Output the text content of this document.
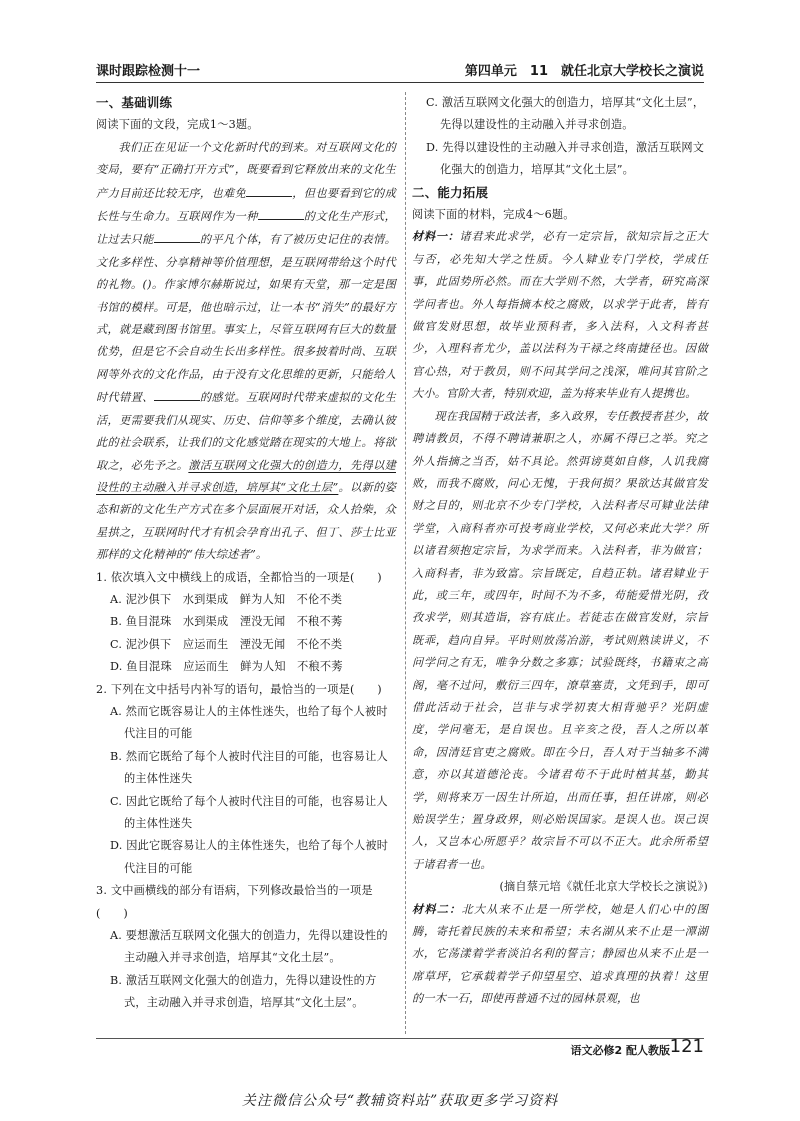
课时跟踪检测十一	第四单元　11　就任北京大学校长之演说

一、基础训练

阅读下面的文段，完成1～3题。

我们正在见证一个文化新时代的到来。对互联网文化的变局，要有“正确打开方式”，既要看到它释放出来的文化生产力目前还比较无序，也难免	，但也要看到它的成长性与生命力。互联网作为一种	的文化生产形式，让过去只能	的平凡个体，有了被历史记住的表情。文化多样性、分享精神等价值理想，是互联网带给这个时代的礼物。()。作家博尔赫斯说过，如果有天堂，那一定是图书馆的模样。可是，他也暗示过，让一本书“消失”的最好方式，就是藏到图书馆里。事实上，尽管互联网有巨大的数量优势，但是它不会自动生长出多样性。很多披着时尚、互联网等外衣的文化作品，由于没有文化思维的更新，只能给人时代错置、	的感觉。互联网时代带来虚拟的文化生活，更需要我们从现实、历史、信仰等多个维度，去确认彼此的社会联系，让我们的文化感觉踏在现实的大地上。将欲取之，必先予之。激活互联网文化强大的创造力，先得以建设性的主动融入并寻求创造，培厚其“文化土层”。以新的姿态和新的文化生产方式在多个层面展开对话，众人拾柴，众星拱之，互联网时代才有机会孕育出孔子、但丁、莎士比亚那样的文化精神的“伟大综述者”。

1. 依次填入文中横线上的成语，全都恰当的一项是(　　)

A. 泥沙俱下　 水到渠成　 鲜为人知　 不伦不类
B. 鱼目混珠　 水到渠成　 湮没无闻　 不稂不莠
C. 泥沙俱下　 应运而生　 湮没无闻　 不伦不类
D. 鱼目混珠　 应运而生　 鲜为人知　 不稂不莠

2. 下列在文中括号内补写的语句，最恰当的一项是(　　)

A. 然而它既容易让人的主体性迷失，也给了每个人被时代注目的可能
B. 然而它既给了每个人被时代注目的可能，也容易让人的主体性迷失
C. 因此它既给了每个人被时代注目的可能，也容易让人的主体性迷失
D. 因此它既容易让人的主体性迷失，也给了每个人被时代注目的可能

3. 文中画横线的部分有语病，下列修改最恰当的一项是(　　)

A. 要想激活互联网文化强大的创造力，先得以建设性的主动融入并寻求创造，培厚其“文化土层”。
B. 激活互联网文化强大的创造力，先得以建设性的方式，主动融入并寻求创造，培厚其“文化土层”。
C. 激活互联网文化强大的创造力，培厚其“文化土层”，先得以建设性的主动融入并寻求创造。
D. 先得以建设性的主动融入并寻求创造，激活互联网文化强大的创造力，培厚其“文化土层”。

二、能力拓展

阅读下面的材料，完成4～6题。

材料一：诸君来此求学，必有一定宗旨，欲知宗旨之正大与否，必先知大学之性质。今人肄业专门学校，学成任事，此固势所必然。而在大学则不然，大学者，研究高深学问者也。外人每指摘本校之腐败，以求学于此者，皆有做官发财思想，故毕业预科者，多入法科，入文科者甚少，入理科者尤少，盖以法科为干禄之终南捷径也。因做官心热，对于教员，则不问其学问之浅深，唯问其官阶之大小。官阶大者，特别欢迎，盖为将来毕业有人提携也。

现在我国精于政法者，多入政界，专任教授者甚少，故聘请教员，不得不聘请兼职之人，亦属不得已之举。究之外人指摘之当否，姑不具论。然弭谤莫如自修，人讥我腐败，而我不腐败，问心无愧，于我何损？果欲达其做官发财之目的，则北京不少专门学校，入法科者尽可肄业法律学堂，入商科者亦可投考商业学校，又何必来此大学？所以诸君须抱定宗旨，为求学而来。入法科者，非为做官；入商科者，非为致富。宗旨既定，自趋正轨。诸君肄业于此，或三年，或四年，时间不为不多，苟能爱惜光阴，孜孜求学，则其造诣，容有底止。若徒志在做官发财，宗旨既乖，趋向自异。平时则放荡冶游，考试则熟读讲义，不问学问之有无，唯争分数之多寡；试验既终，书籍束之高阁，毫不过问，敷衍三四年，潦草塞责，文凭到手，即可借此活动于社会，岂非与求学初衷大相背驰乎？光阴虚度，学问毫无，是自误也。且辛亥之役，吾人之所以革命，因清廷官吏之腐败。即在今日，吾人对于当轴多不满意，亦以其道德沦丧。今诸君苟不于此时植其基，勤其学，则将来万一因生计所迫，出而任事，担任讲席，则必贻误学生；置身政界，则必贻误国家。是误人也。误己误人，又岂本心所愿乎？故宗旨不可以不正大。此余所希望于诸君者一也。

(摘自蔡元培《就任北京大学校长之演说》)

材料二：北大从来不止是一所学校，她是人们心中的图腾，寄托着民族的未来和希望；未名湖从来不止是一潭湖水，它荡漾着学者淡泊名利的誓言；静园也从来不止是一席草坪，它承载着学子仰望星空、追求真理的执着！这里的一木一石，即使再普通不过的园林景观，也

语文必修2 配人教版 121
关注微信公众号“教辅资料站”获取更多学习资料
